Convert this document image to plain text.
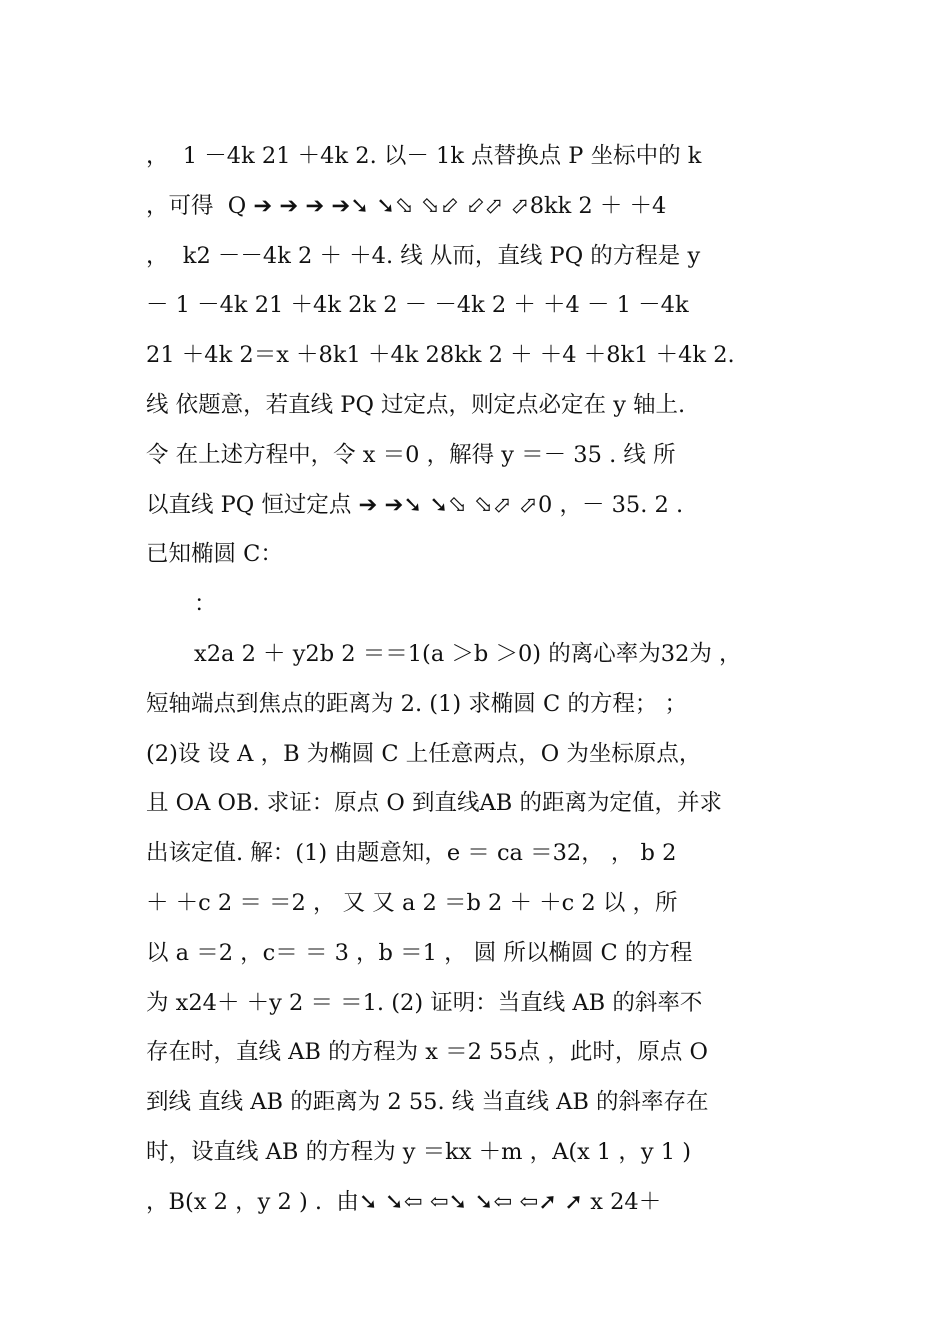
，  1 －4k 21 ＋4k 2. 以－ 1k 点替换点 P 坐标中的 k
，可得  Q ➔ ➔ ➔ ➔➘ ➘⬂ ⬂⬃ ⬃⬀ ⬀8kk 2 ＋ ＋4
，  k2 －－4k 2 ＋ ＋4. 线 从而，直线 PQ 的方程是 y
－ 1 －4k 21 ＋4k 2k 2 － －4k 2 ＋ ＋4 － 1 －4k
21 ＋4k 2＝x ＋8k1 ＋4k 28kk 2 ＋ ＋4 ＋8k1 ＋4k 2.
线 依题意，若直线 PQ 过定点，则定点必定在 y 轴上.
令 在上述方程中，令 x ＝0 ，解得 y ＝－ 35 . 线 所
以直线 PQ 恒过定点 ➔ ➔➘ ➘⬂ ⬂⬀ ⬀0 ，－ 35. 2 .
已知椭圆 C：
：
x2a 2 ＋ y2b 2 ＝＝1(a ＞b ＞0) 的离心率为32为 ，
短轴端点到焦点的距离为 2. (1) 求椭圆 C 的方程； ；
(2)设 设 A ，B 为椭圆 C 上任意两点，O 为坐标原点，
且 OA OB. 求证：原点 O 到直线AB 的距离为定值，并求
出该定值. 解：(1) 由题意知，e ＝ ca ＝32， ， b 2
＋ ＋c 2 ＝ ＝2 ， 又 又 a 2 ＝b 2 ＋ ＋c 2 以 ，所
以 a ＝2 ，c＝ ＝ 3 ，b ＝1 ， 圆 所以椭圆 C 的方程
为 x24＋ ＋y 2 ＝ ＝1. (2) 证明：当直线 AB 的斜率不
存在时，直线 AB 的方程为 x ＝2 55点 ，此时，原点 O
到线 直线 AB 的距离为 2 55. 线 当直线 AB 的斜率存在
时，设直线 AB 的方程为 y ＝kx ＋m ，A(x 1 ，y 1 )
，B(x 2 ，y 2 ) .  由➘ ➘⇦ ⇦➘ ➘⇦ ⇦➚ ➚ x 24＋
